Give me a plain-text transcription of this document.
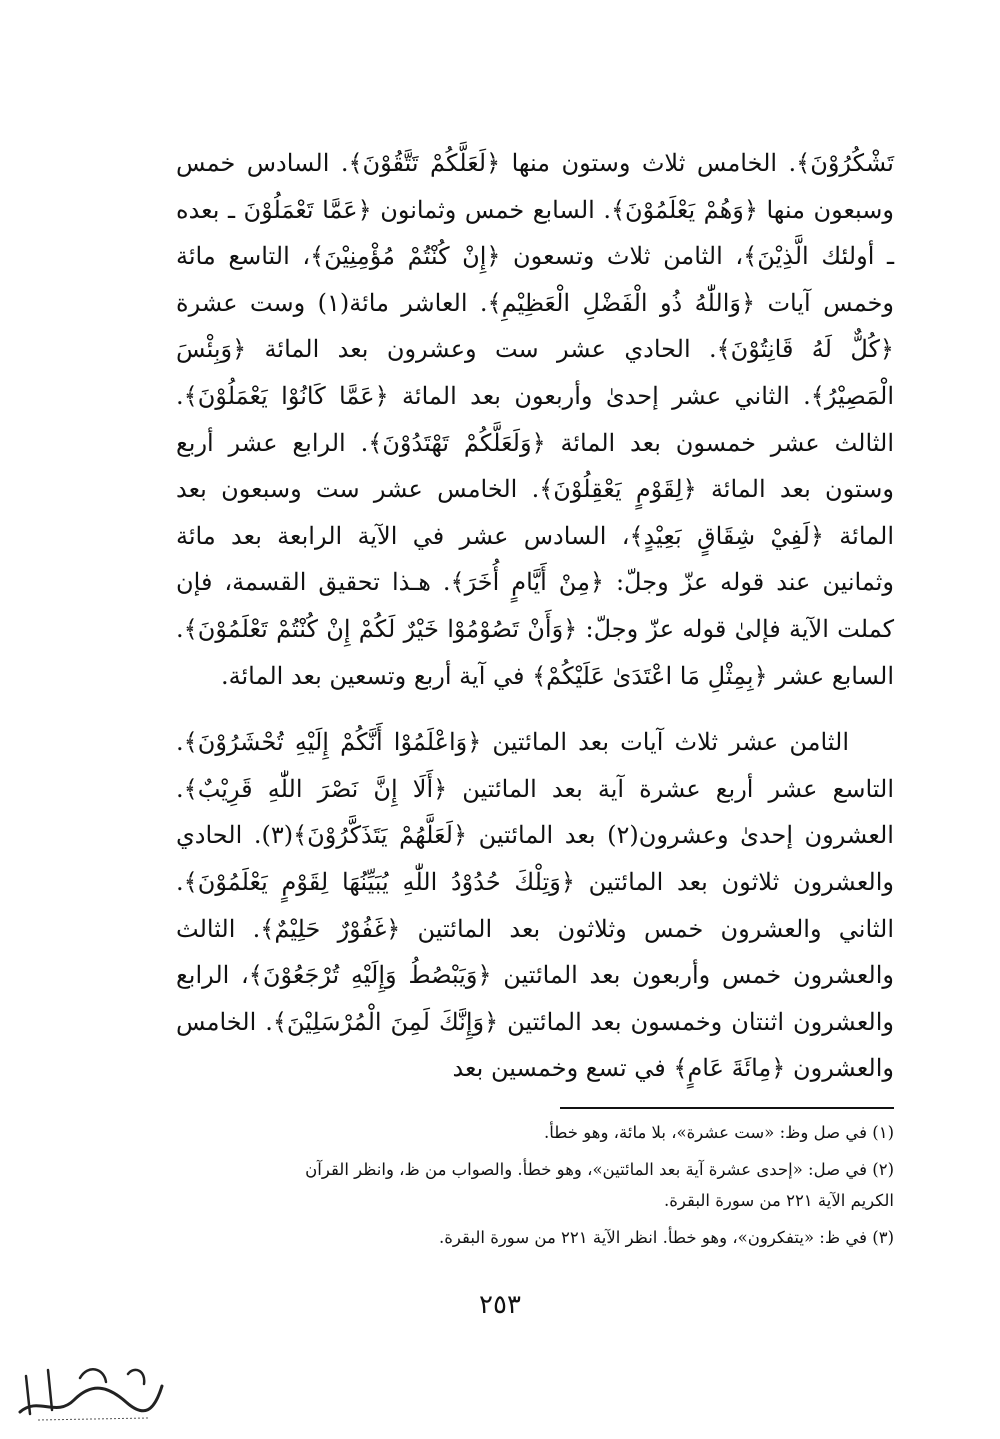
تَشْكُرُوْنَ﴾. الخامس ثلاث وستون منها ﴿لَعَلَّكُمْ تَتَّقُوْنَ﴾. السادس خمس وسبعون منها ﴿وَهُمْ يَعْلَمُوْنَ﴾. السابع خمس وثمانون ﴿عَمَّا تَعْمَلُوْنَ ـ بعده ـ أولئك الَّذِيْنَ﴾، الثامن ثلاث وتسعون ﴿إِنْ كُنْتُمْ مُؤْمِنِيْنَ﴾، التاسع مائة وخمس آيات ﴿وَاللّٰهُ ذُو الْفَضْلِ الْعَظِيْمِ﴾. العاشر مائة(١) وست عشرة ﴿كُلٌّ لَهُ قَانِتُوْنَ﴾. الحادي عشر ست وعشرون بعد المائة ﴿وَبِئْسَ الْمَصِيْرُ﴾. الثاني عشر إحدىٰ وأربعون بعد المائة ﴿عَمَّا كَانُوْا يَعْمَلُوْنَ﴾. الثالث عشر خمسون بعد المائة ﴿وَلَعَلَّكُمْ تَهْتَدُوْنَ﴾. الرابع عشر أربع وستون بعد المائة ﴿لِقَوْمٍ يَعْقِلُوْنَ﴾. الخامس عشر ست وسبعون بعد المائة ﴿لَفِيْ شِقَاقٍ بَعِيْدٍ﴾، السادس عشر في الآية الرابعة بعد مائة وثمانين عند قوله عزّ وجلّ: ﴿مِنْ أَيَّامٍ أُخَرَ﴾. هـذا تحقيق القسمة، فإن كملت الآية فإلىٰ قوله عزّ وجلّ: ﴿وَأَنْ تَصُوْمُوْا خَيْرٌ لَكُمْ إِنْ كُنْتُمْ تَعْلَمُوْنَ﴾. السابع عشر ﴿بِمِثْلِ مَا اعْتَدَىٰ عَلَيْكُمْ﴾ في آية أربع وتسعين بعد المائة.

الثامن عشر ثلاث آيات بعد المائتين ﴿وَاعْلَمُوْا أَنَّكُمْ إِلَيْهِ تُحْشَرُوْنَ﴾. التاسع عشر أربع عشرة آية بعد المائتين ﴿أَلَا إِنَّ نَصْرَ اللّٰهِ قَرِيْبٌ﴾. العشرون إحدىٰ وعشرون(٢) بعد المائتين ﴿لَعَلَّهُمْ يَتَذَكَّرُوْنَ﴾(٣). الحادي والعشرون ثلاثون بعد المائتين ﴿وَتِلْكَ حُدُوْدُ اللّٰهِ يُبَيِّنُهَا لِقَوْمٍ يَعْلَمُوْنَ﴾. الثاني والعشرون خمس وثلاثون بعد المائتين ﴿غَفُوْرٌ حَلِيْمٌ﴾. الثالث والعشرون خمس وأربعون بعد المائتين ﴿وَيَبْصُطُ وَإِلَيْهِ تُرْجَعُوْنَ﴾، الرابع والعشرون اثنتان وخمسون بعد المائتين ﴿وَإِنَّكَ لَمِنَ الْمُرْسَلِيْنَ﴾. الخامس والعشرون ﴿مِائَةَ عَامٍ﴾ في تسع وخمسين بعد

(١) في صل وظ: «ست عشرة»، بلا مائة، وهو خطأ.
(٢) في صل: «إحدى عشرة آية بعد المائتين»، وهو خطأ. والصواب من ظ، وانظر القرآن الكريم الآية ٢٢١ من سورة البقرة.
(٣) في ظ: «يتفكرون»، وهو خطأ. انظر الآية ٢٢١ من سورة البقرة.
٢٥٣
